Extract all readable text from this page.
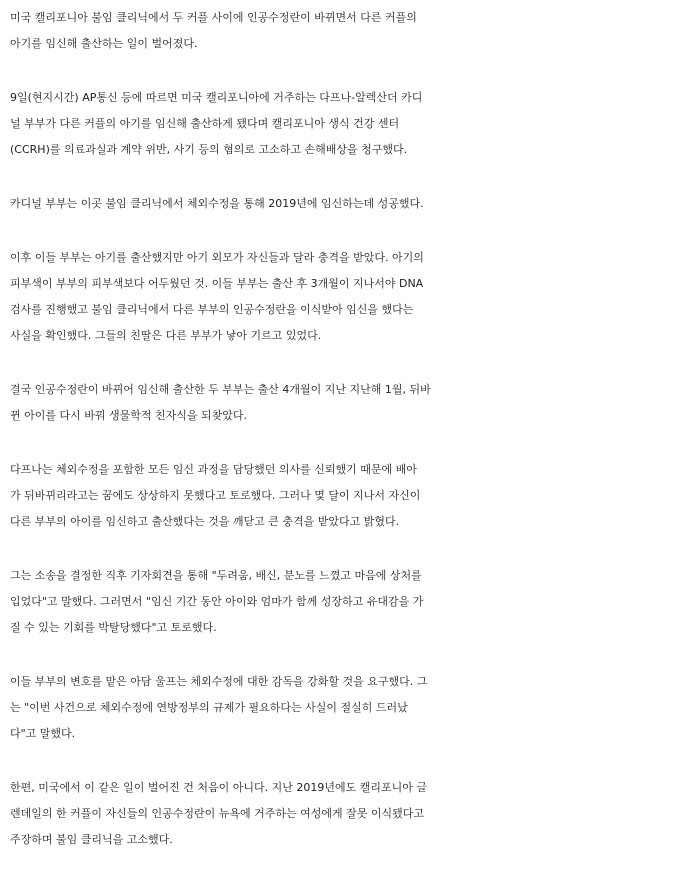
미국 캘리포니아 불임 클리닉에서 두 커플 사이에 인공수정란이 바뀌면서 다른 커플의
아기를 임신해 출산하는 일이 벌어졌다.

9일(현지시간) AP통신 등에 따르면 미국 캘리포니아에 거주하는 다프나-알렉산더 카디
널 부부가 다른 커플의 아기를 임신해 출산하게 됐다며 캘리포니아 생식 건강 센터
(CCRH)를 의료과실과 계약 위반, 사기 등의 혐의로 고소하고 손해배상을 청구했다.

카디널 부부는 이곳 불임 클리닉에서 체외수정을 통해 2019년에 임신하는데 성공했다.

이후 이들 부부는 아기를 출산했지만 아기 외모가 자신들과 달라 충격을 받았다. 아기의
피부색이 부부의 피부색보다 어두웠던 것. 이들 부부는 출산 후 3개월이 지나서야 DNA
검사를 진행했고 불임 클리닉에서 다른 부부의 인공수정란을 이식받아 임신을 했다는
사실을 확인했다. 그들의 친딸은 다른 부부가 낳아 기르고 있었다.

결국 인공수정란이 바뀌어 임신해 출산한 두 부부는 출산 4개월이 지난 지난해 1월, 뒤바
뀐 아이를 다시 바꿔 생물학적 친자식을 되찾았다.

다프나는 체외수정을 포함한 모든 임신 과정을 담당했던 의사를 신뢰했기 때문에 배아
가 뒤바뀌리라고는 꿈에도 상상하지 못했다고 토로했다. 그러나 몇 달이 지나서 자신이
다른 부부의 아이를 임신하고 출산했다는 것을 깨닫고 큰 충격을 받았다고 밝혔다.

그는 소송을 결정한 직후 기자회견을 통해 "두려움, 배신, 분노를 느꼈고 마음에 상처를
입었다"고 말했다. 그러면서 "임신 기간 동안 아이와 엄마가 함께 성장하고 유대감을 가
질 수 있는 기회를 박탈당했다"고 토로했다.

이들 부부의 변호를 맡은 아담 울프는 체외수정에 대한 감독을 강화할 것을 요구했다. 그
는 "이번 사건으로 체외수정에 연방정부의 규제가 필요하다는 사실이 절실히 드러났
다"고 말했다.

한편, 미국에서 이 같은 일이 벌어진 건 처음이 아니다. 지난 2019년에도 캘리포니아 글
렌데일의 한 커플이 자신들의 인공수정란이 뉴욕에 거주하는 여성에게 잘못 이식됐다고
주장하며 불임 클리닉을 고소했다.
